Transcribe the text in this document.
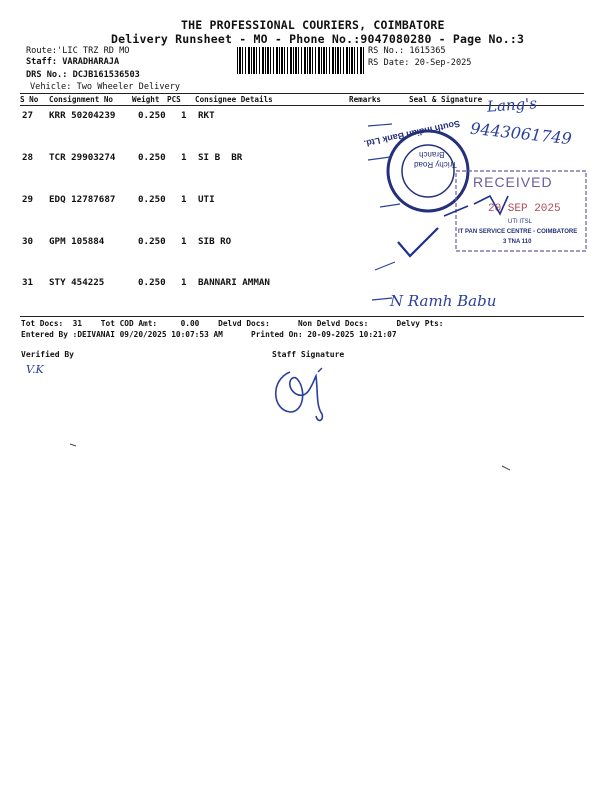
THE PROFESSIONAL COURIERS, COIMBATORE
Delivery Runsheet - MO - Phone No.:9047080280 - Page No.:3
Route:'LIC TRZ RD MO
Staff: VARADHARAJA
DRS No.: DCJB161536503
Vehicle: Two Wheeler Delivery
RS No.: 1615365
RS Date: 20-Sep-2025
S No Consignment No Weight PCS Consignee Details	Remarks	Seal & Signature
27 KRR 50204239 0.250 1 RKT
28 TCR 29903274 0.250 1 SI B  BR
29 EDQ 12787687 0.250 1 UTI
30 GPM 105884	0.250 1 SIB RO
31 STY 454225	0.250 1 BANNARI AMMAN
Tot Docs:  31    Tot COD Amt:     0.00    Delvd Docs:      Non Delvd Docs:      Delvy Pts:
Entered By :DEIVANAI 09/20/2025 10:07:53 AM      Printed On: 20-09-2025 10:21:07
Verified By	Staff Signature
Lang's
9443061749
N Ramh Babu
V.K
South Indian Bank Ltd.
Trichy Road
Branch
RECEIVED
20 SEP 2025
UTI ITSL
IT PAN SERVICE CENTRE - COIMBATORE
3 TNA 110
